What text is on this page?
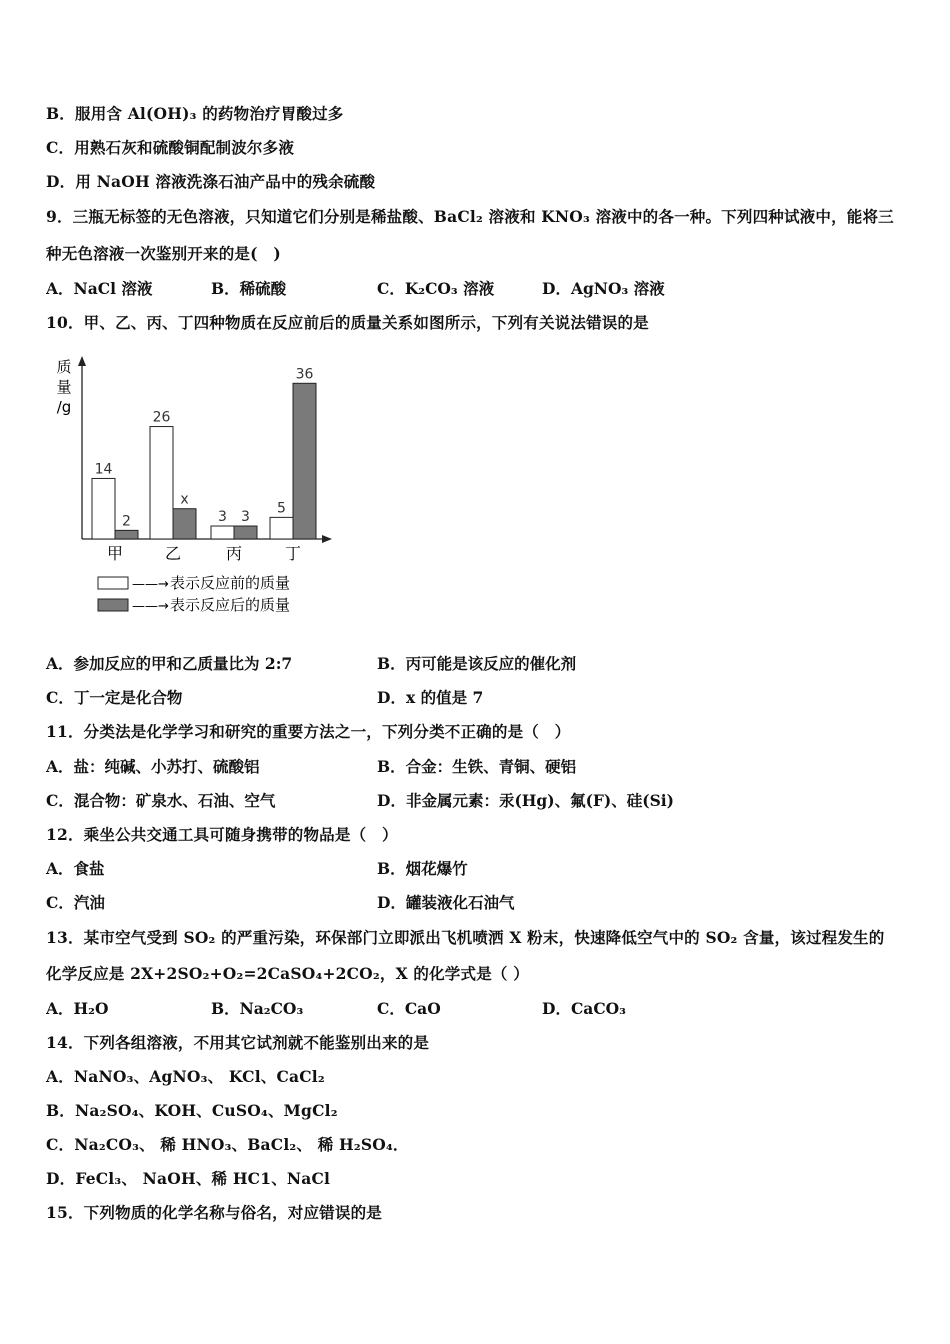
B．服用含 Al(OH)₃ 的药物治疗胃酸过多
C．用熟石灰和硫酸铜配制波尔多液
D．用 NaOH 溶液洗涤石油产品中的残余硫酸
9．三瓶无标签的无色溶液，只知道它们分别是稀盐酸、BaCl₂ 溶液和 KNO₃ 溶液中的各一种。下列四种试液中，能将三
种无色溶液一次鉴别开来的是(　)
A．NaCl 溶液	B．稀硫酸	C．K₂CO₃ 溶液	D．AgNO₃ 溶液
10．甲、乙、丙、丁四种物质在反应前后的质量关系如图所示，下列有关说法错误的是
质
量
/g
14
2
甲
26
x
乙
3 3
丙
5
36
丁
——→ 表示反应前的质量
——→ 表示反应后的质量
A．参加反应的甲和乙质量比为 2:7	B．丙可能是该反应的催化剂
C．丁一定是化合物	D．x 的值是 7
11．分类法是化学学习和研究的重要方法之一，下列分类不正确的是（　）
A．盐：纯碱、小苏打、硫酸铝	B．合金：生铁、青铜、硬铝
C．混合物：矿泉水、石油、空气	D．非金属元素：汞(Hg)、氟(F)、硅(Si)
12．乘坐公共交通工具可随身携带的物品是（　）
A．食盐	B．烟花爆竹
C．汽油	D．罐装液化石油气
13．某市空气受到 SO₂ 的严重污染，环保部门立即派出飞机喷洒 X 粉末，快速降低空气中的 SO₂ 含量，该过程发生的
化学反应是 2X+2SO₂+O₂=2CaSO₄+2CO₂，X 的化学式是（ ）
A．H₂O	B．Na₂CO₃	C．CaO	D．CaCO₃
14．下列各组溶液，不用其它试剂就不能鉴别出来的是
A．NaNO₃、AgNO₃、 KCl、CaCl₂
B．Na₂SO₄、KOH、CuSO₄、MgCl₂
C．Na₂CO₃、 稀 HNO₃、BaCl₂、 稀 H₂SO₄．
D．FeCl₃、 NaOH、稀 HC1、NaCl
15．下列物质的化学名称与俗名，对应错误的是
